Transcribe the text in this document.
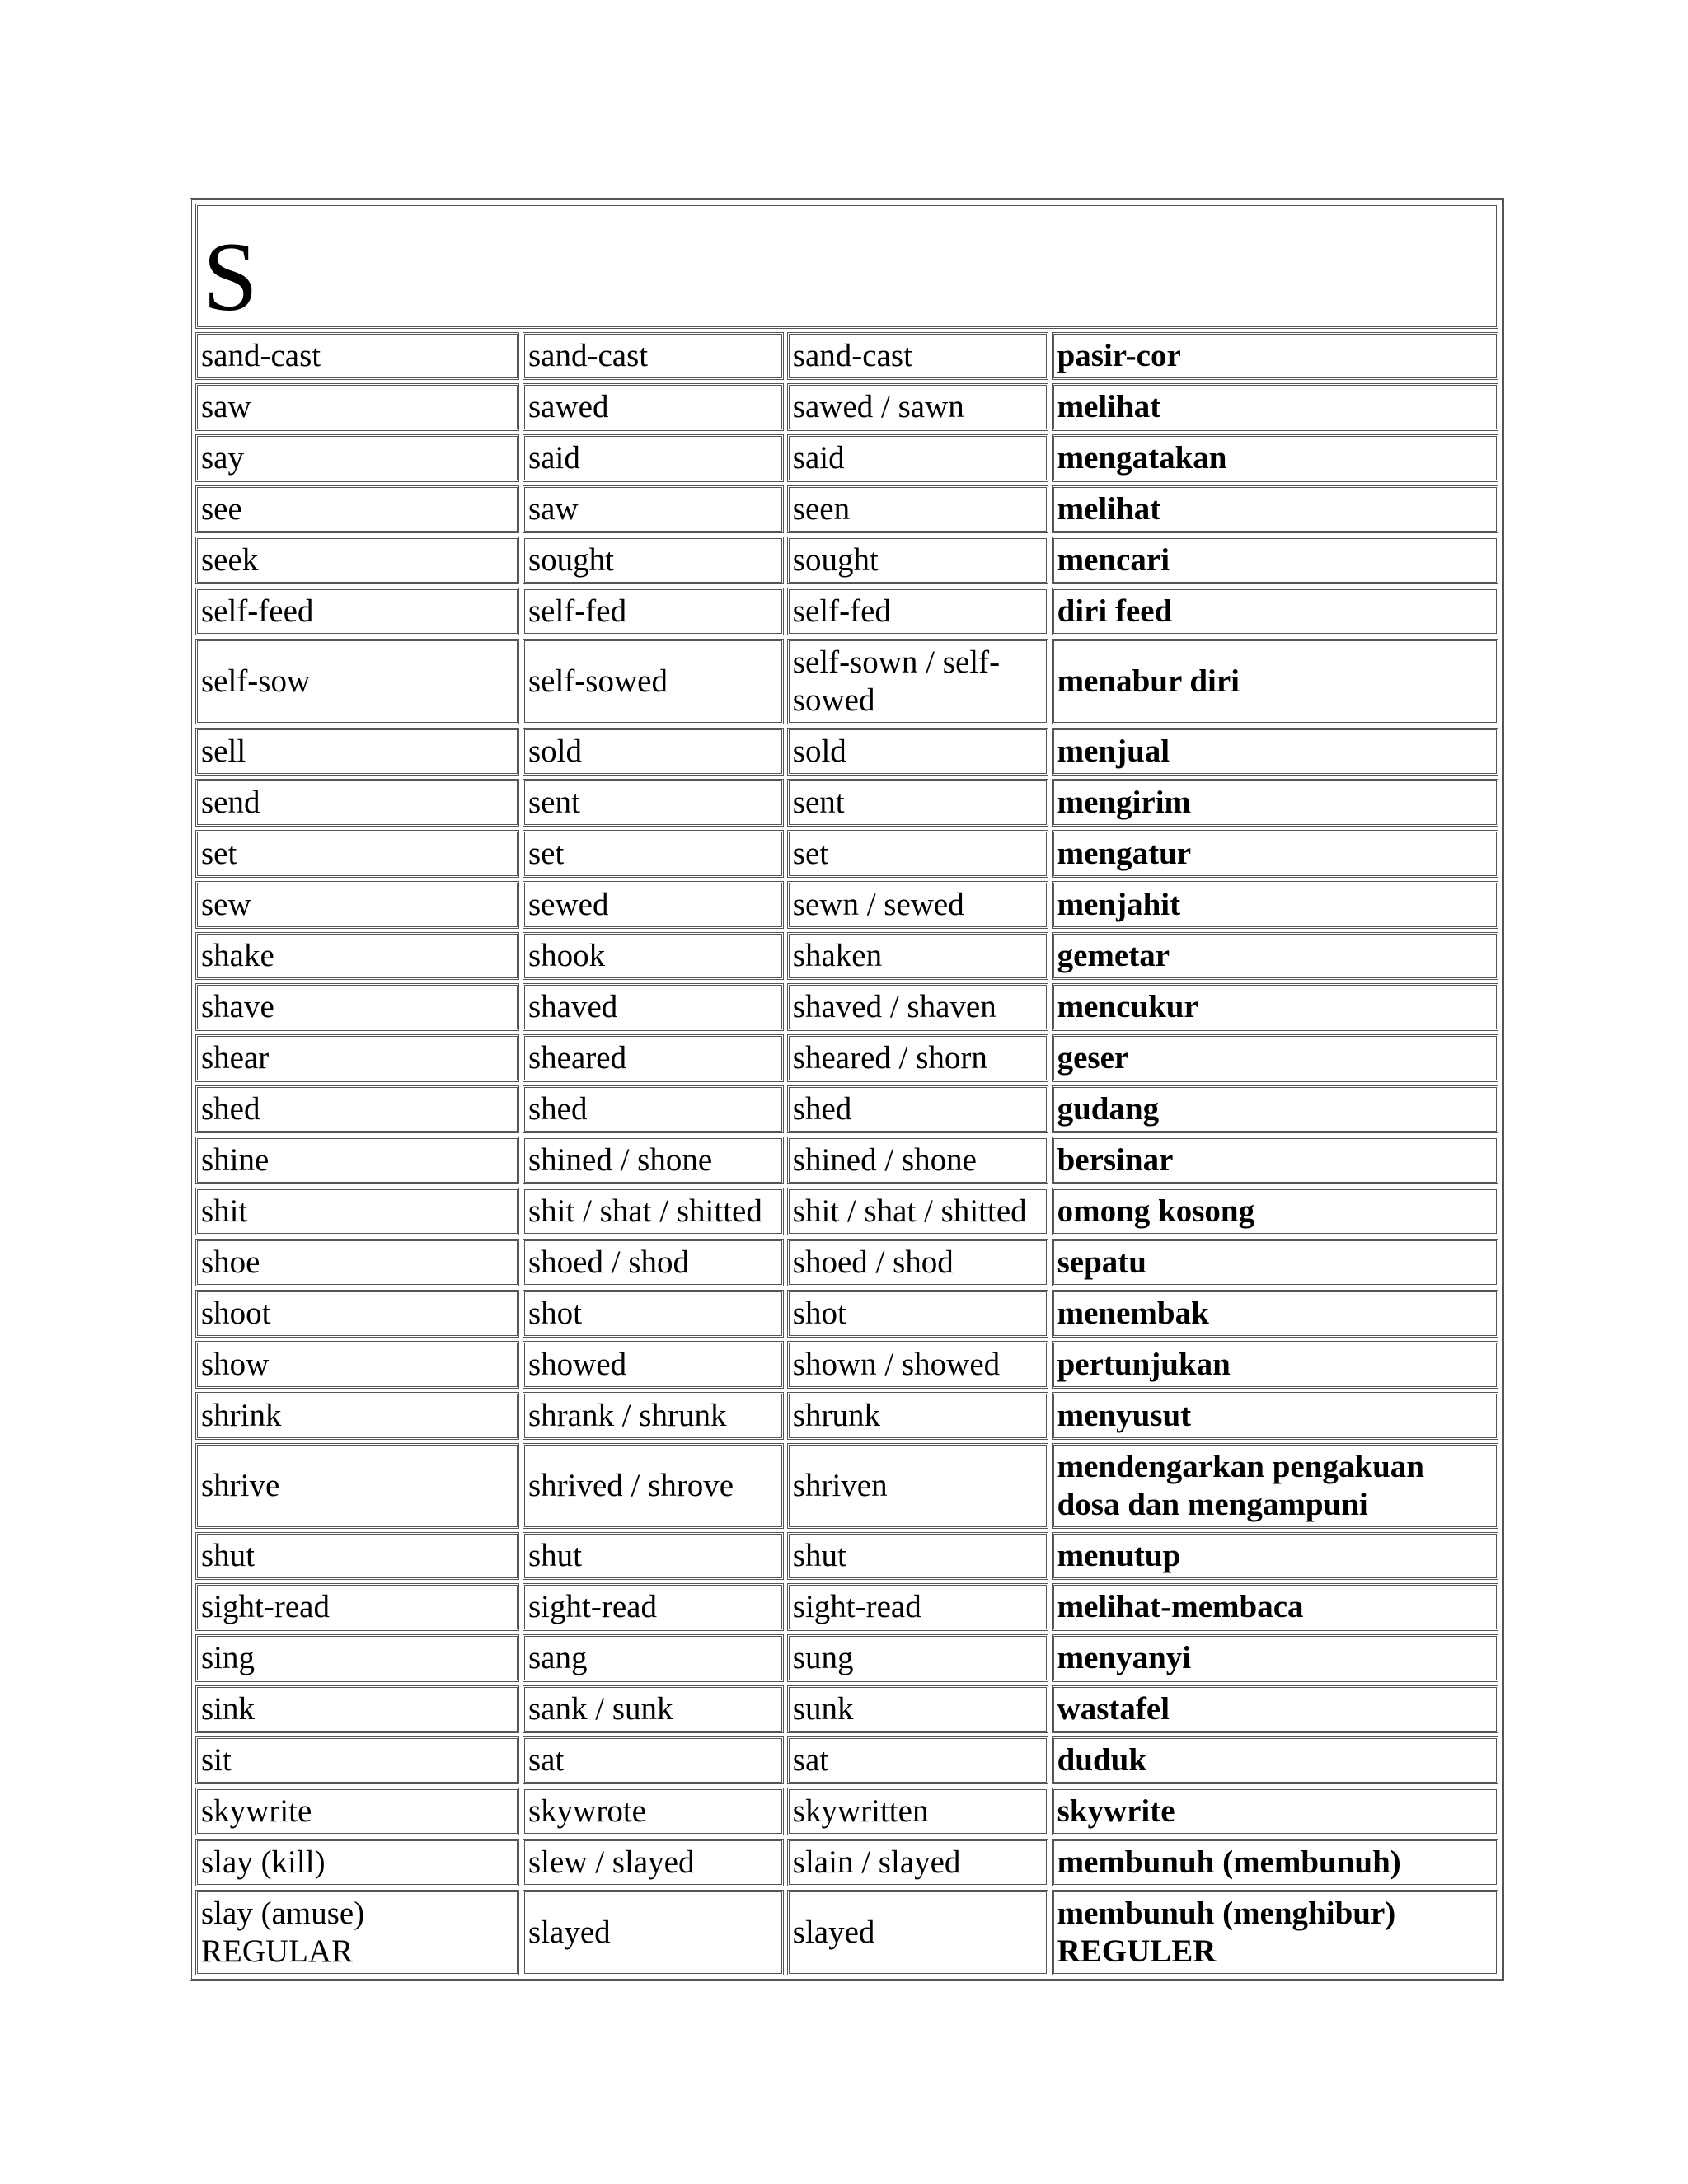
S			
sand-cast	sand-cast	sand-cast	pasir-cor
saw	sawed	sawed / sawn	melihat
say	said	said	mengatakan
see	saw	seen	melihat
seek	sought	sought	mencari
self-feed	self-fed	self-fed	diri feed
self-sow	self-sowed	self-sown / self-sowed	menabur diri
sell	sold	sold	menjual
send	sent	sent	mengirim
set	set	set	mengatur
sew	sewed	sewn / sewed	menjahit
shake	shook	shaken	gemetar
shave	shaved	shaved / shaven	mencukur
shear	sheared	sheared / shorn	geser
shed	shed	shed	gudang
shine	shined / shone	shined / shone	bersinar
shit	shit / shat / shitted	shit / shat / shitted	omong kosong
shoe	shoed / shod	shoed / shod	sepatu
shoot	shot	shot	menembak
show	showed	shown / showed	pertunjukan
shrink	shrank / shrunk	shrunk	menyusut
shrive	shrived / shrove	shriven	mendengarkan pengakuan dosa dan mengampuni
shut	shut	shut	menutup
sight-read	sight-read	sight-read	melihat-membaca
sing	sang	sung	menyanyi
sink	sank / sunk	sunk	wastafel
sit	sat	sat	duduk
skywrite	skywrote	skywritten	skywrite
slay (kill)	slew / slayed	slain / slayed	membunuh (membunuh)
slay (amuse) REGULAR	slayed	slayed	membunuh (menghibur) REGULER
